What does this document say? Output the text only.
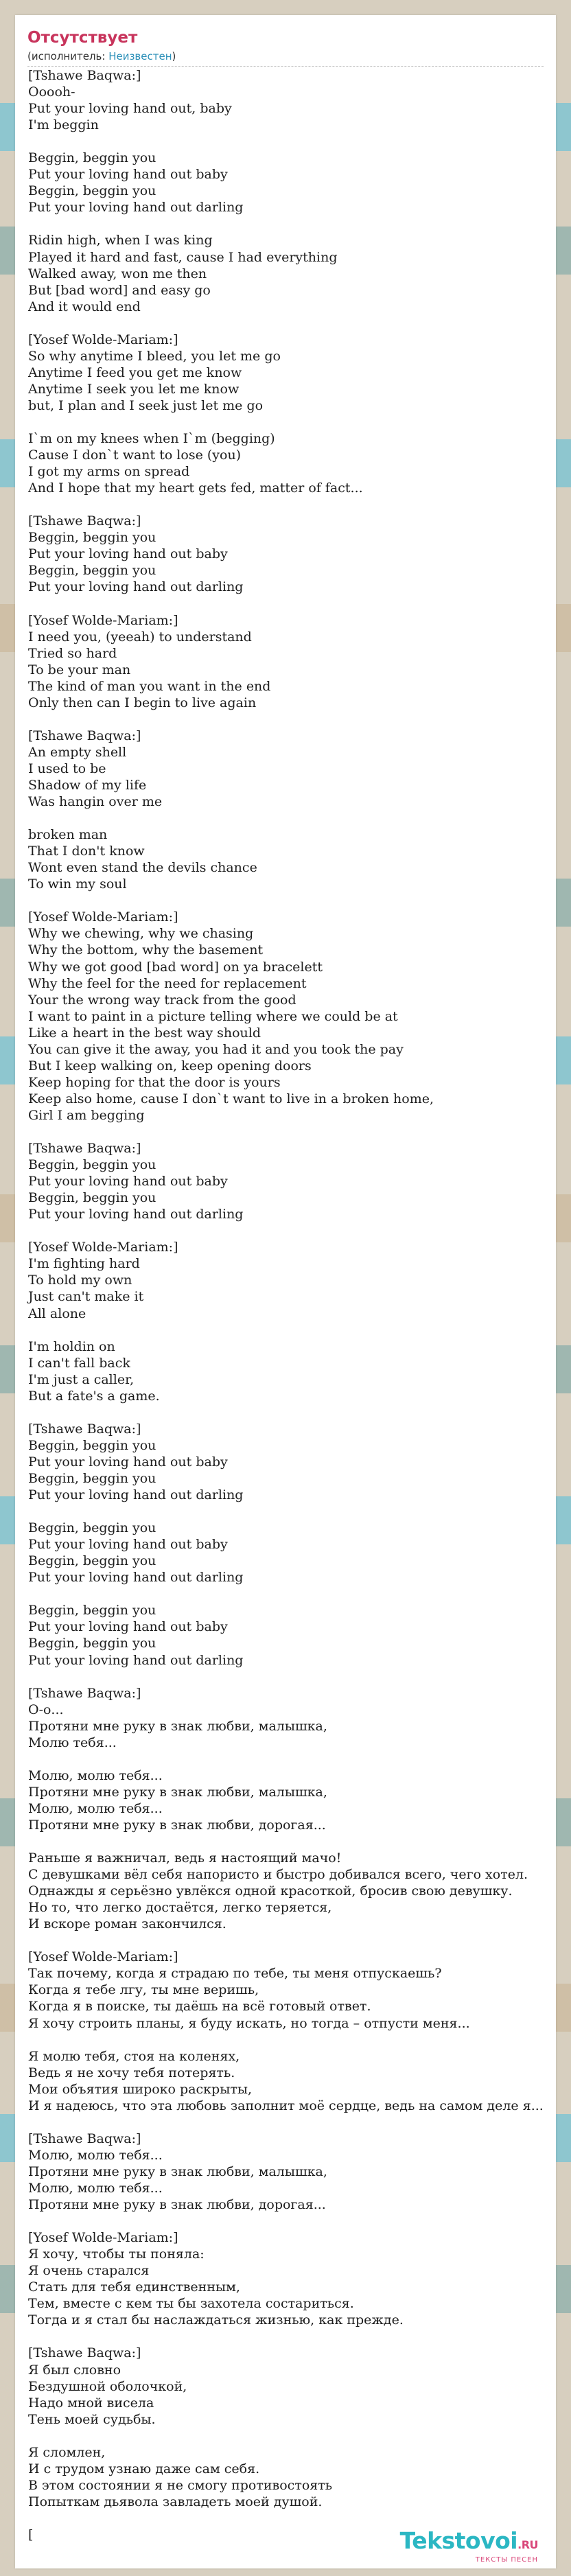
Отсутствует
(исполнитель: Неизвестен)
[Tshawe Baqwa:]
Ooooh-
Put your loving hand out, baby
I'm beggin

Beggin, beggin you
Put your loving hand out baby
Beggin, beggin you
Put your loving hand out darling

Ridin high, when I was king
Played it hard and fast, cause I had everything
Walked away, won me then
But [bad word] and easy go
And it would end

[Yosef Wolde-Mariam:]
So why anytime I bleed, you let me go
Anytime I feed you get me know
Anytime I seek you let me know
but, I plan and I seek just let me go

I`m on my knees when I`m (begging)
Cause I don`t want to lose (you)
I got my arms on spread
And I hope that my heart gets fed, matter of fact...

[Tshawe Baqwa:]
Beggin, beggin you
Put your loving hand out baby
Beggin, beggin you
Put your loving hand out darling

[Yosef Wolde-Mariam:]
I need you, (yeeah) to understand
Tried so hard
To be your man
The kind of man you want in the end
Only then can I begin to live again

[Tshawe Baqwa:]
An empty shell
I used to be
Shadow of my life
Was hangin over me

broken man
That I don't know
Wont even stand the devils chance
To win my soul

[Yosef Wolde-Mariam:]
Why we chewing, why we chasing
Why the bottom, why the basement
Why we got good [bad word] on ya bracelett
Why the feel for the need for replacement
Your the wrong way track from the good
I want to paint in a picture telling where we could be at
Like a heart in the best way should
You can give it the away, you had it and you took the pay
But I keep walking on, keep opening doors
Keep hoping for that the door is yours
Keep also home, cause I don`t want to live in a broken home,
Girl I am begging

[Tshawe Baqwa:]
Beggin, beggin you
Put your loving hand out baby
Beggin, beggin you
Put your loving hand out darling

[Yosef Wolde-Mariam:]
I'm fighting hard
To hold my own
Just can't make it
All alone

I'm holdin on
I can't fall back
I'm just a caller,
But a fate's a game.

[Tshawe Baqwa:]
Beggin, beggin you
Put your loving hand out baby
Beggin, beggin you
Put your loving hand out darling

Beggin, beggin you
Put your loving hand out baby
Beggin, beggin you
Put your loving hand out darling

Beggin, beggin you
Put your loving hand out baby
Beggin, beggin you
Put your loving hand out darling

[Tshawe Baqwa:]
О-о...
Протяни мне руку в знак любви, малышка,
Молю тебя...

Молю, молю тебя...
Протяни мне руку в знак любви, малышка,
Молю, молю тебя...
Протяни мне руку в знак любви, дорогая...

Раньше я важничал, ведь я настоящий мачо!
С девушками вёл себя напористо и быстро добивался всего, чего хотел.
Однажды я серьёзно увлёкся одной красоткой, бросив свою девушку.
Но то, что легко достаётся, легко теряется,
И вскоре роман закончился.

[Yosef Wolde-Mariam:]
Так почему, когда я страдаю по тебе, ты меня отпускаешь?
Когда я тебе лгу, ты мне веришь,
Когда я в поиске, ты даёшь на всё готовый ответ.
Я хочу строить планы, я буду искать, но тогда – отпусти меня...

Я молю тебя, стоя на коленях,
Ведь я не хочу тебя потерять.
Мои объятия широко раскрыты,
И я надеюсь, что эта любовь заполнит моё сердце, ведь на самом деле я...

[Tshawe Baqwa:]
Молю, молю тебя...
Протяни мне руку в знак любви, малышка,
Молю, молю тебя...
Протяни мне руку в знак любви, дорогая...

[Yosef Wolde-Mariam:]
Я хочу, чтобы ты поняла:
Я очень старался
Стать для тебя единственным,
Тем, вместе с кем ты бы захотела состариться.
Тогда и я стал бы наслаждаться жизнью, как прежде.

[Tshawe Baqwa:]
Я был словно
Бездушной оболочкой,
Надо мной висела
Тень моей судьбы.

Я сломлен,
И с трудом узнаю даже сам себя.
В этом состоянии я не смогу противостоять
Попыткам дьявола завладеть моей душой.

[	Tekstovoi.RU
ТЕКСТЫ ПЕСЕН
